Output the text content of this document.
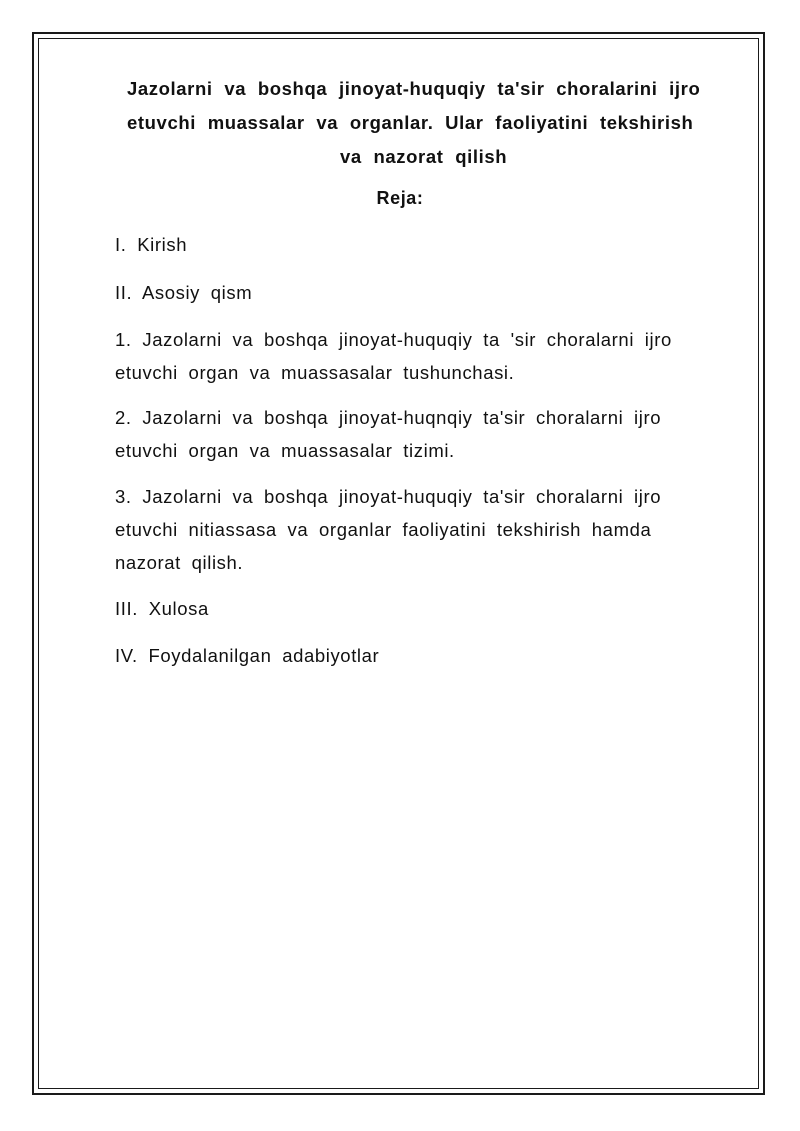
Jazolarni va boshqa jinoyat-huquqiy ta'sir choralarini ijro
etuvchi muassalar va organlar. Ular faoliyatini tekshirish
va nazorat qilish
Reja:
I. Kirish
II. Asosiy qism
1. Jazolarni va boshqa jinoyat-huquqiy ta 'sir choralarni ijro
etuvchi organ va muassasalar tushunchasi.
2. Jazolarni va boshqa jinoyat-huqnqiy ta'sir choralarni ijro
etuvchi organ va muassasalar tizimi.
3. Jazolarni va boshqa jinoyat-huquqiy ta'sir choralarni ijro
etuvchi nitiassasa va organlar faoliyatini tekshirish hamda
nazorat qilish.
III. Xulosa
IV. Foydalanilgan adabiyotlar
